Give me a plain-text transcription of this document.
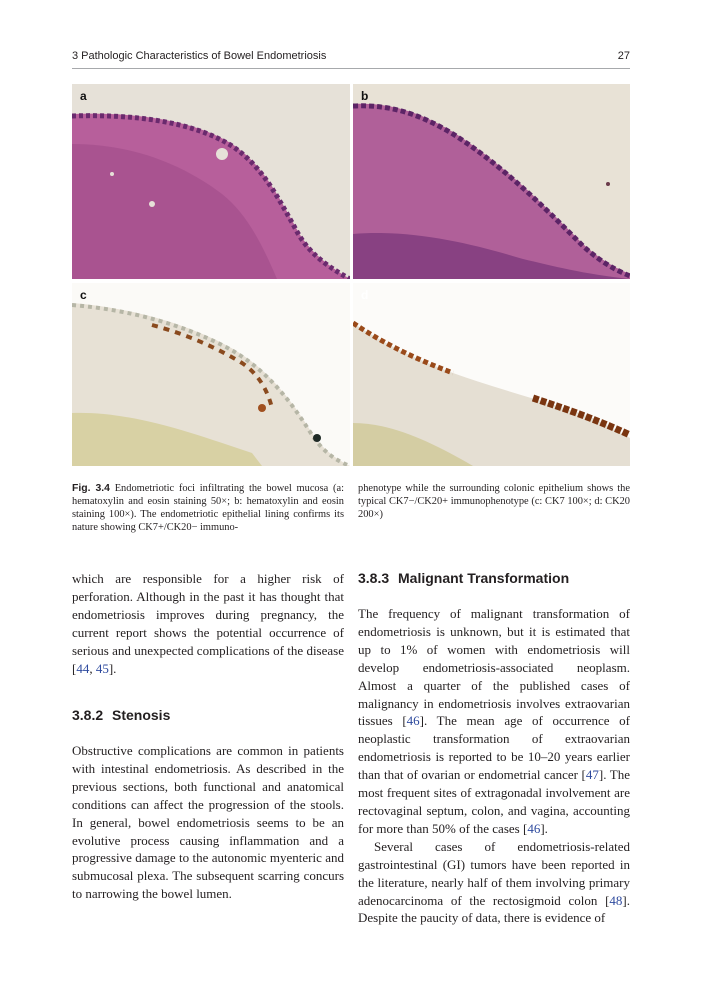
3 Pathologic Characteristics of Bowel Endometriosis	27
a	b
c	d
Fig. 3.4 Endometriotic foci infiltrating the bowel mucosa (a: hematoxylin and eosin staining 50×; b: hematoxylin and eosin staining 100×). The endometriotic epithelial lining confirms its nature showing CK7+/CK20− immuno-
phenotype while the surrounding colonic epithelium shows the typical CK7−/CK20+ immunophenotype (c: CK7 100×; d: CK20 200×)

which are responsible for a higher risk of perforation. Although in the past it has thought that endometriosis improves during pregnancy, the current report shows the potential occurrence of serious and unexpected complications of the disease [44, 45].

3.8.2 Stenosis

Obstructive complications are common in patients with intestinal endometriosis. As described in the previous sections, both functional and anatomical conditions can affect the progression of the stools. In general, bowel endometriosis seems to be an evolutive process causing inflammation and a progressive damage to the autonomic myenteric and submucosal plexa. The subsequent scarring concurs to narrowing the bowel lumen.

3.8.3 Malignant Transformation

The frequency of malignant transformation of endometriosis is unknown, but it is estimated that up to 1% of women with endometriosis will develop endometriosis-associated neoplasm. Almost a quarter of the published cases of malignancy in endometriosis involves extraovarian tissues [46]. The mean age of occurrence of neoplastic transformation of extraovarian endometriosis is reported to be 10–20 years earlier than that of ovarian or endometrial cancer [47]. The most frequent sites of extragonadal involvement are rectovaginal septum, colon, and vagina, accounting for more than 50% of the cases [46].

Several cases of endometriosis-related gastrointestinal (GI) tumors have been reported in the literature, nearly half of them involving primary adenocarcinoma of the rectosigmoid colon [48]. Despite the paucity of data, there is evidence of
